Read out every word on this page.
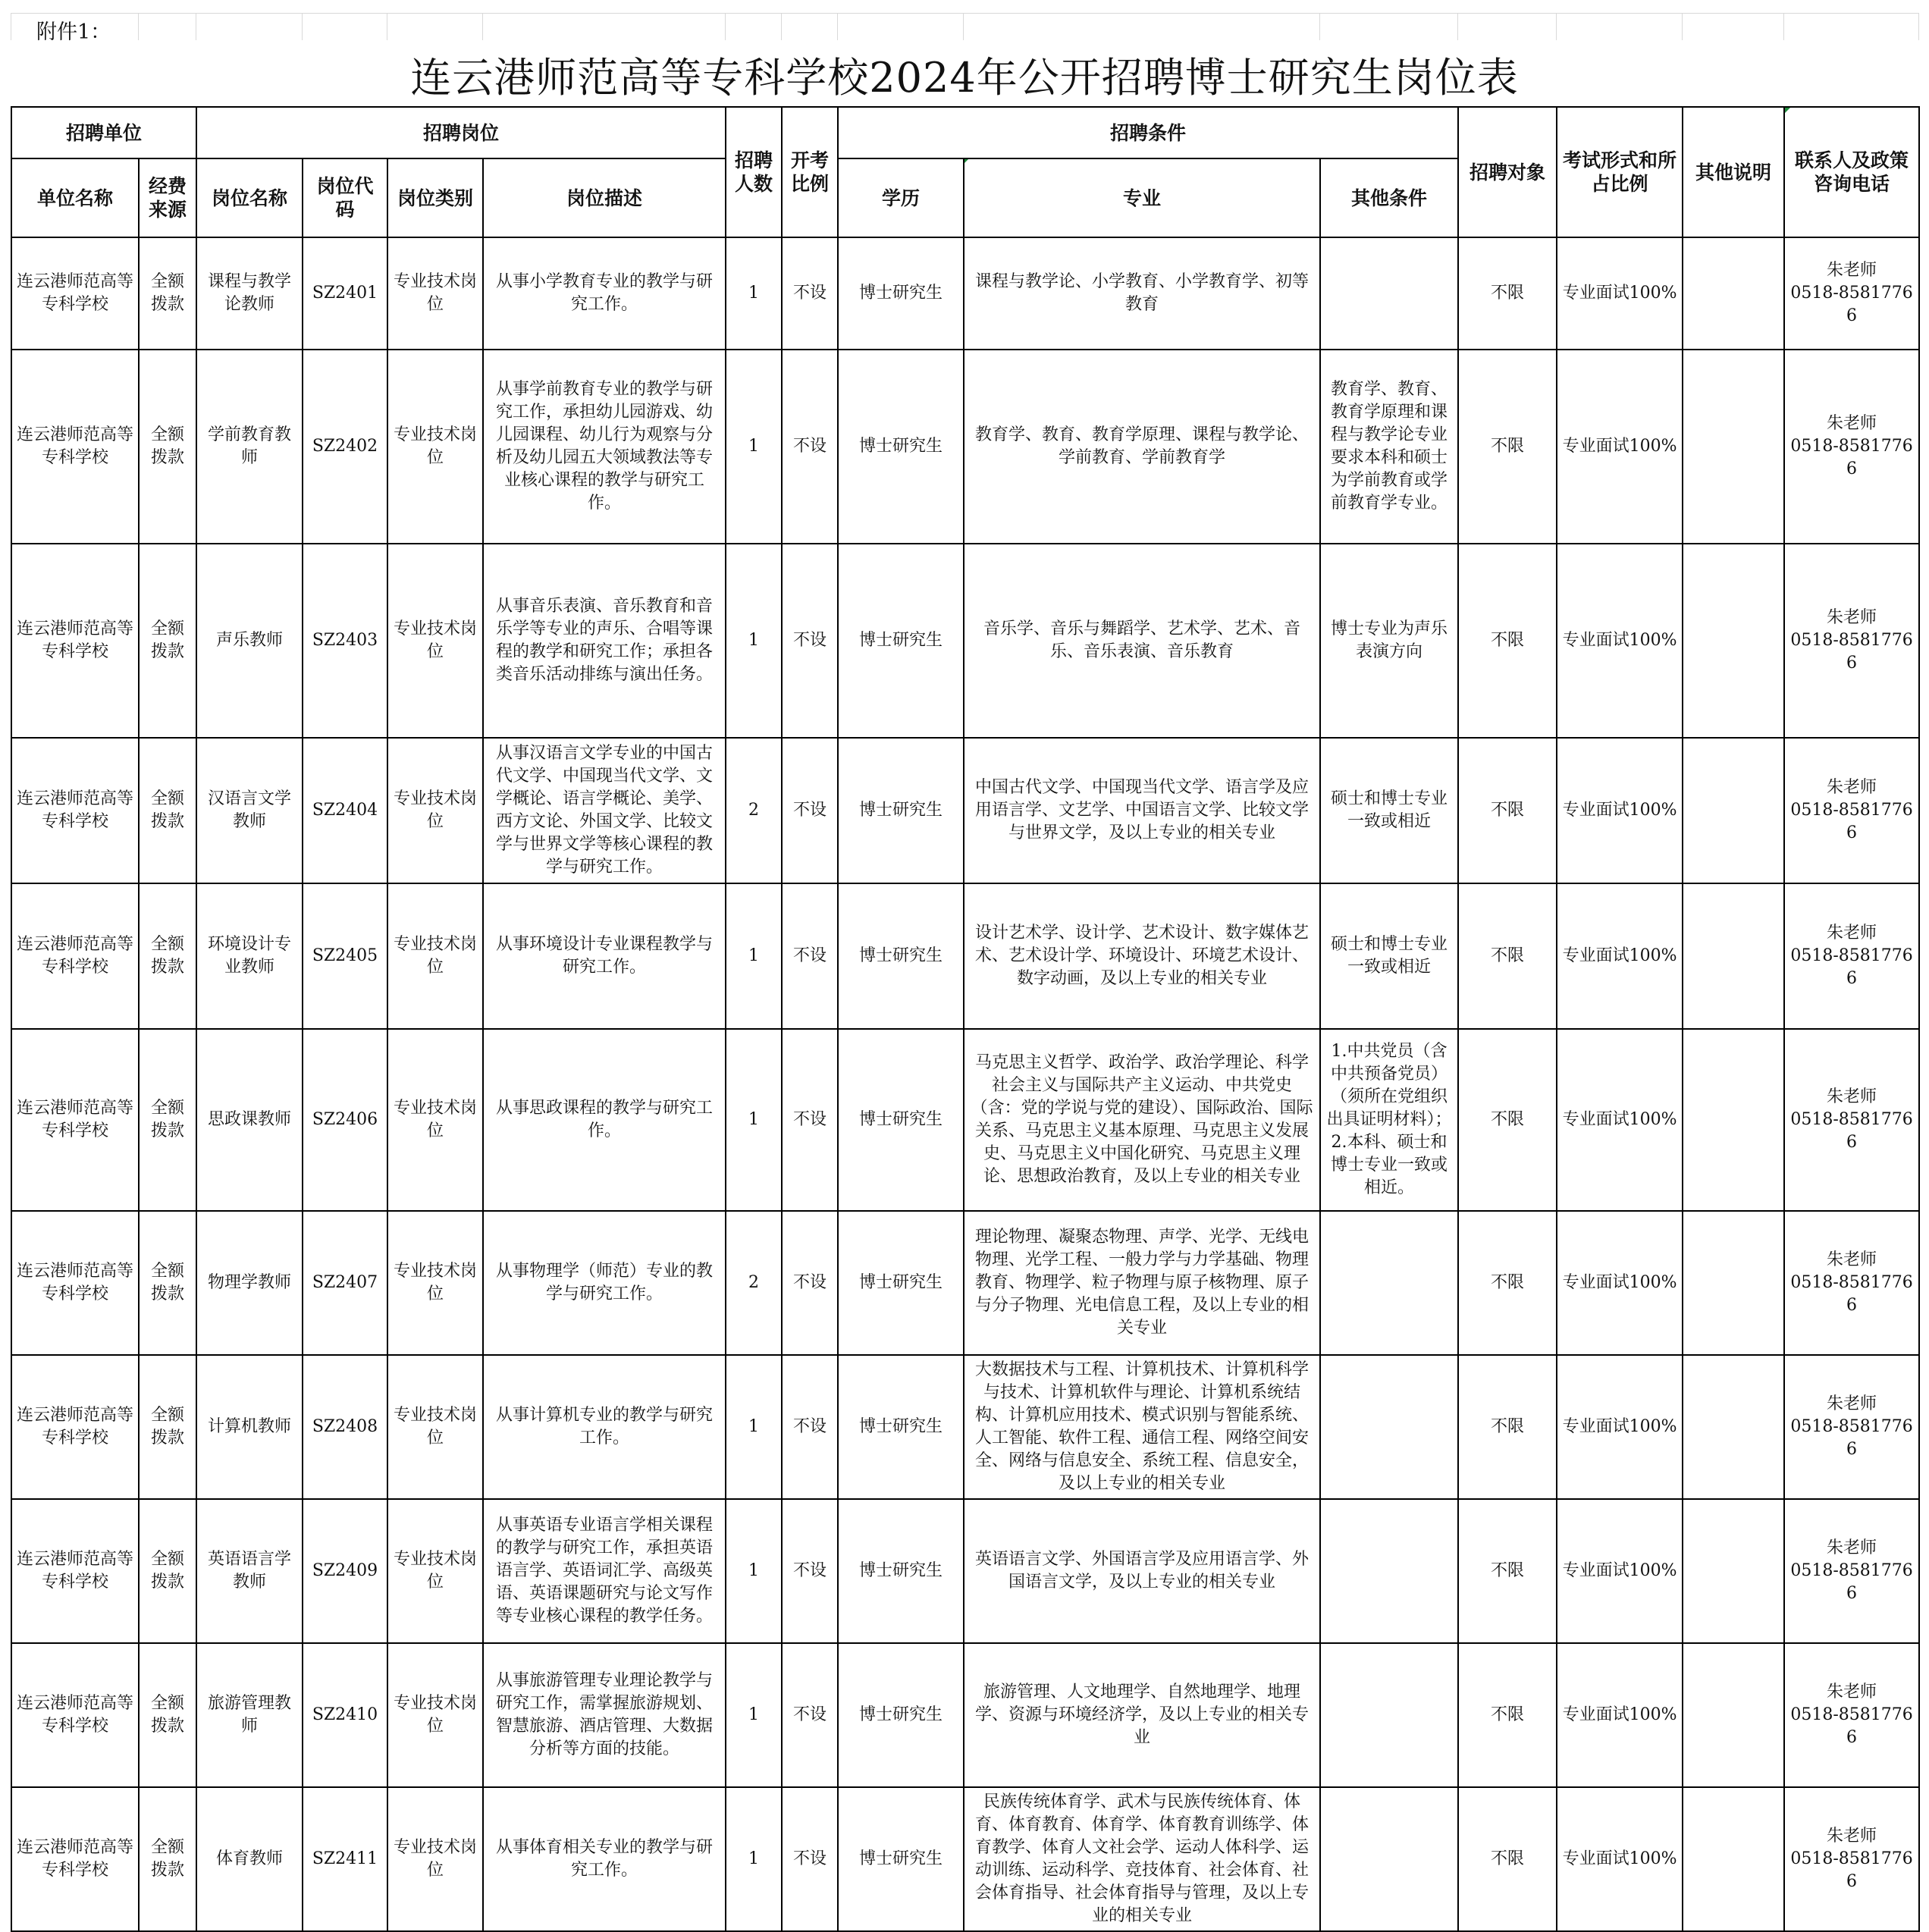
附件1：
连云港师范高等专科学校2024年公开招聘博士研究生岗位表
招聘单位		招聘岗位				招聘人数	开考比例	招聘条件			招聘对象	考试形式和所占比例	其他说明	联系人及政策咨询电话
单位名称	经费来源	岗位名称	岗位代码	岗位类别	岗位描述			学历	专业	其他条件				
连云港师范高等专科学校	全额拨款	课程与教学论教师	SZ2401	专业技术岗位	从事小学教育专业的教学与研究工作。	1	不设	博士研究生	课程与教学论、小学教育、小学教育学、初等教育		不限	专业面试100%		朱老师
0518-85817766

连云港师范高等专科学校	全额拨款	学前教育教师	SZ2402	专业技术岗位	从事学前教育专业的教学与研究工作，承担幼儿园游戏、幼儿园课程、幼儿行为观察与分析及幼儿园五大领域教法等专业核心课程的教学与研究工作。	1	不设	博士研究生	教育学、教育、教育学原理、课程与教学论、学前教育、学前教育学	教育学、教育、教育学原理和课程与教学论专业要求本科和硕士为学前教育或学前教育学专业。	不限	专业面试100%		朱老师
0518-85817766

连云港师范高等专科学校	全额拨款	声乐教师	SZ2403	专业技术岗位	从事音乐表演、音乐教育和音乐学等专业的声乐、合唱等课程的教学和研究工作；承担各类音乐活动排练与演出任务。	1	不设	博士研究生	音乐学、音乐与舞蹈学、艺术学、艺术、音乐、音乐表演、音乐教育	博士专业为声乐表演方向	不限	专业面试100%		朱老师
0518-85817766

连云港师范高等专科学校	全额拨款	汉语言文学教师	SZ2404	专业技术岗位	从事汉语言文学专业的中国古代文学、中国现当代文学、文学概论、语言学概论、美学、西方文论、外国文学、比较文学与世界文学等核心课程的教学与研究工作。	2	不设	博士研究生	中国古代文学、中国现当代文学、语言学及应用语言学、文艺学、中国语言文学、比较文学与世界文学，及以上专业的相关专业	硕士和博士专业一致或相近	不限	专业面试100%		朱老师
0518-85817766

连云港师范高等专科学校	全额拨款	环境设计专业教师	SZ2405	专业技术岗位	从事环境设计专业课程教学与研究工作。	1	不设	博士研究生	设计艺术学、设计学、艺术设计、数字媒体艺术、艺术设计学、环境设计、环境艺术设计、数字动画，及以上专业的相关专业	硕士和博士专业一致或相近	不限	专业面试100%		朱老师
0518-85817766

连云港师范高等专科学校	全额拨款	思政课教师	SZ2406	专业技术岗位	从事思政课程的教学与研究工作。	1	不设	博士研究生	马克思主义哲学、政治学、政治学理论、科学社会主义与国际共产主义运动、中共党史（含：党的学说与党的建设）、国际政治、国际关系、马克思主义基本原理、马克思主义发展史、马克思主义中国化研究、马克思主义理论、思想政治教育，及以上专业的相关专业	1.中共党员（含中共预备党员）（须所在党组织出具证明材料）；2.本科、硕士和博士专业一致或相近。	不限	专业面试100%		朱老师
0518-85817766

连云港师范高等专科学校	全额拨款	物理学教师	SZ2407	专业技术岗位	从事物理学（师范）专业的教学与研究工作。	2	不设	博士研究生	理论物理、凝聚态物理、声学、光学、无线电物理、光学工程、一般力学与力学基础、物理教育、物理学、粒子物理与原子核物理、原子与分子物理、光电信息工程，及以上专业的相关专业		不限	专业面试100%		朱老师
0518-85817766

连云港师范高等专科学校	全额拨款	计算机教师	SZ2408	专业技术岗位	从事计算机专业的教学与研究工作。	1	不设	博士研究生	大数据技术与工程、计算机技术、计算机科学与技术、计算机软件与理论、计算机系统结构、计算机应用技术、模式识别与智能系统、人工智能、软件工程、通信工程、网络空间安全、网络与信息安全、系统工程、信息安全，及以上专业的相关专业		不限	专业面试100%		朱老师
0518-85817766

连云港师范高等专科学校	全额拨款	英语语言学教师	SZ2409	专业技术岗位	从事英语专业语言学相关课程的教学与研究工作，承担英语语言学、英语词汇学、高级英语、英语课题研究与论文写作等专业核心课程的教学任务。	1	不设	博士研究生	英语语言文学、外国语言学及应用语言学、外国语言文学，及以上专业的相关专业		不限	专业面试100%		朱老师
0518-85817766

连云港师范高等专科学校	全额拨款	旅游管理教师	SZ2410	专业技术岗位	从事旅游管理专业理论教学与研究工作，需掌握旅游规划、智慧旅游、酒店管理、大数据分析等方面的技能。	1	不设	博士研究生	旅游管理、人文地理学、自然地理学、地理学、资源与环境经济学，及以上专业的相关专业		不限	专业面试100%		朱老师
0518-85817766

连云港师范高等专科学校	全额拨款	体育教师	SZ2411	专业技术岗位	从事体育相关专业的教学与研究工作。	1	不设	博士研究生	民族传统体育学、武术与民族传统体育、体育、体育教育、体育学、体育教育训练学、体育教学、体育人文社会学、运动人体科学、运动训练、运动科学、竞技体育、社会体育、社会体育指导、社会体育指导与管理，及以上专业的相关专业		不限	专业面试100%		朱老师
0518-85817766
